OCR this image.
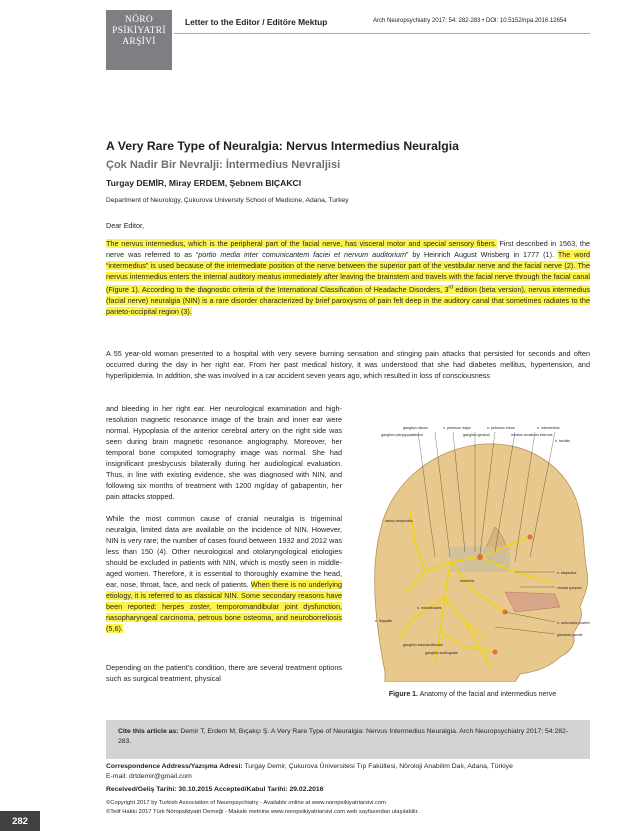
NÖRO
PSİKİYATRİ
ARŞİVİ
Letter to the Editor / Editöre Mektup	Arch Neuropsychiatry 2017; 54: 282-283 • DOI: 10.5152/npa.2016.12654
A Very Rare Type of Neuralgia: Nervus Intermedius Neuralgia
Çok Nadir Bir Nevralji: İntermedius Nevraljisi
Turgay DEMİR, Miray ERDEM, Şebnem BIÇAKCI
Department of Neurology, Çukurova University School of Medicine, Adana, Turkey
Dear Editor,
The nervus intermedius, which is the peripheral part of the facial nerve, has visceral motor and special sensory fibers. First described in 1563, the nerve was referred to as “portio media inter comunicantem faciei et nervum auditorium” by Heinrich August Wrisberg in 1777 (1). The word “intermedius” is used because of the intermediate position of the nerve between the superior part of the vestibular nerve and the facial nerve (2). The nervus intermedius enters the internal auditory meatus immediately after leaving the brainstem and travels with the facial nerve through the facial canal (Figure 1). According to the diagnostic criteria of the International Classification of Headache Disorders, 3rd edition (beta version), nervus intermedius (facial nerve) neuralgia (NIN) is a rare disorder characterized by brief paroxysms of pain felt deep in the auditory canal that sometimes radiates to the parieto-occipital region (3).
A 55 year-old woman presented to a hospital with very severe burning sensation and stinging pain attacks that persisted for seconds and often occurred during the day in her right ear. From her past medical history, it was understood that she had diabetes mellitus, hypertension, and hyperlipidemia. In addition, she was involved in a car accident seven years ago, which resulted in loss of consciousness
and bleeding in her right ear. Her neurological examination and high-resolution magnetic resonance image of the brain and inner ear were normal. Hypoplasia of the anterior cerebral artery on the right side was seen during brain magnetic resonance angiography. Moreover, her temporal bone computed tomography image was normal. She had insignificant presbycusis bilaterally during her audiological evaluation. Thus, in line with existing evidence, she was diagnosed with NIN, and following six months of treatment with 1200 mg/day of gabapentin, her pain attacks stopped.
While the most common cause of cranial neuralgia is trigeminal neuralgia, limited data are available on the incidence of NIN. However, NIN is very rare; the number of cases found between 1932 and 2012 was less than 150 (4). Other neurological and otolaryngological etiologies should be excluded in patients with NIN, which is mostly seen in middle-aged women. Therefore, it is essential to thoroughly examine the head, ear, nose, throat, face, and neck of patients. When there is no underlying etiology, it is referred to as classical NIN. Some secondary reasons have been reported: herpes zoster, temporomandibular joint dysfunction, nasopharyngeal carcinoma, petrous bone osteoma, and neuroborreliosis (5,6).
Depending on the patient’s condition, there are several treatment options such as surgical treatment, physical
ganglion oticum
ganglion pterygopalatinum
n. petrosus major
ganglion geniculi
n. petrosus minor
meatus acusticus internus
n. intermedius
n. facialis
n. stapedius
chorda tympani
n. auricularis posterior
glandula parotis
n. lingualis
ganglion submandibulare
ganglion sublinguale
n. mandibularis
foramina
ramus temporalis
Figure 1. Anatomy of the facial and intermedius nerve
Cite this article as: Demir T, Erdem M, Bıçakçı Ş. A Very Rare Type of Neuralgia: Nervus Intermedius Neuralgia. Arch Neuropsychiatry 2017; 54:282-283.
Correspondence Address/Yazışma Adresi: Turgay Demir, Çukurova Üniversitesi Tıp Fakültesi, Nöroloji Anabilim Dalı, Adana, Türkiye
E-mail: drtdemir@gmail.com
Received/Geliş Tarihi: 30.10.2015 Accepted/Kabul Tarihi: 29.02.2016
©Copyright 2017 by Turkish Association of Neuropsychiatry - Available online at www.noropsikiyatriarsivi.com
©Telif Hakkı 2017 Türk Nöropsikiyatri Derneği - Makale metnine www.noropsikiyatriarsivi.com web sayfasından ulaşılabilir.
282
